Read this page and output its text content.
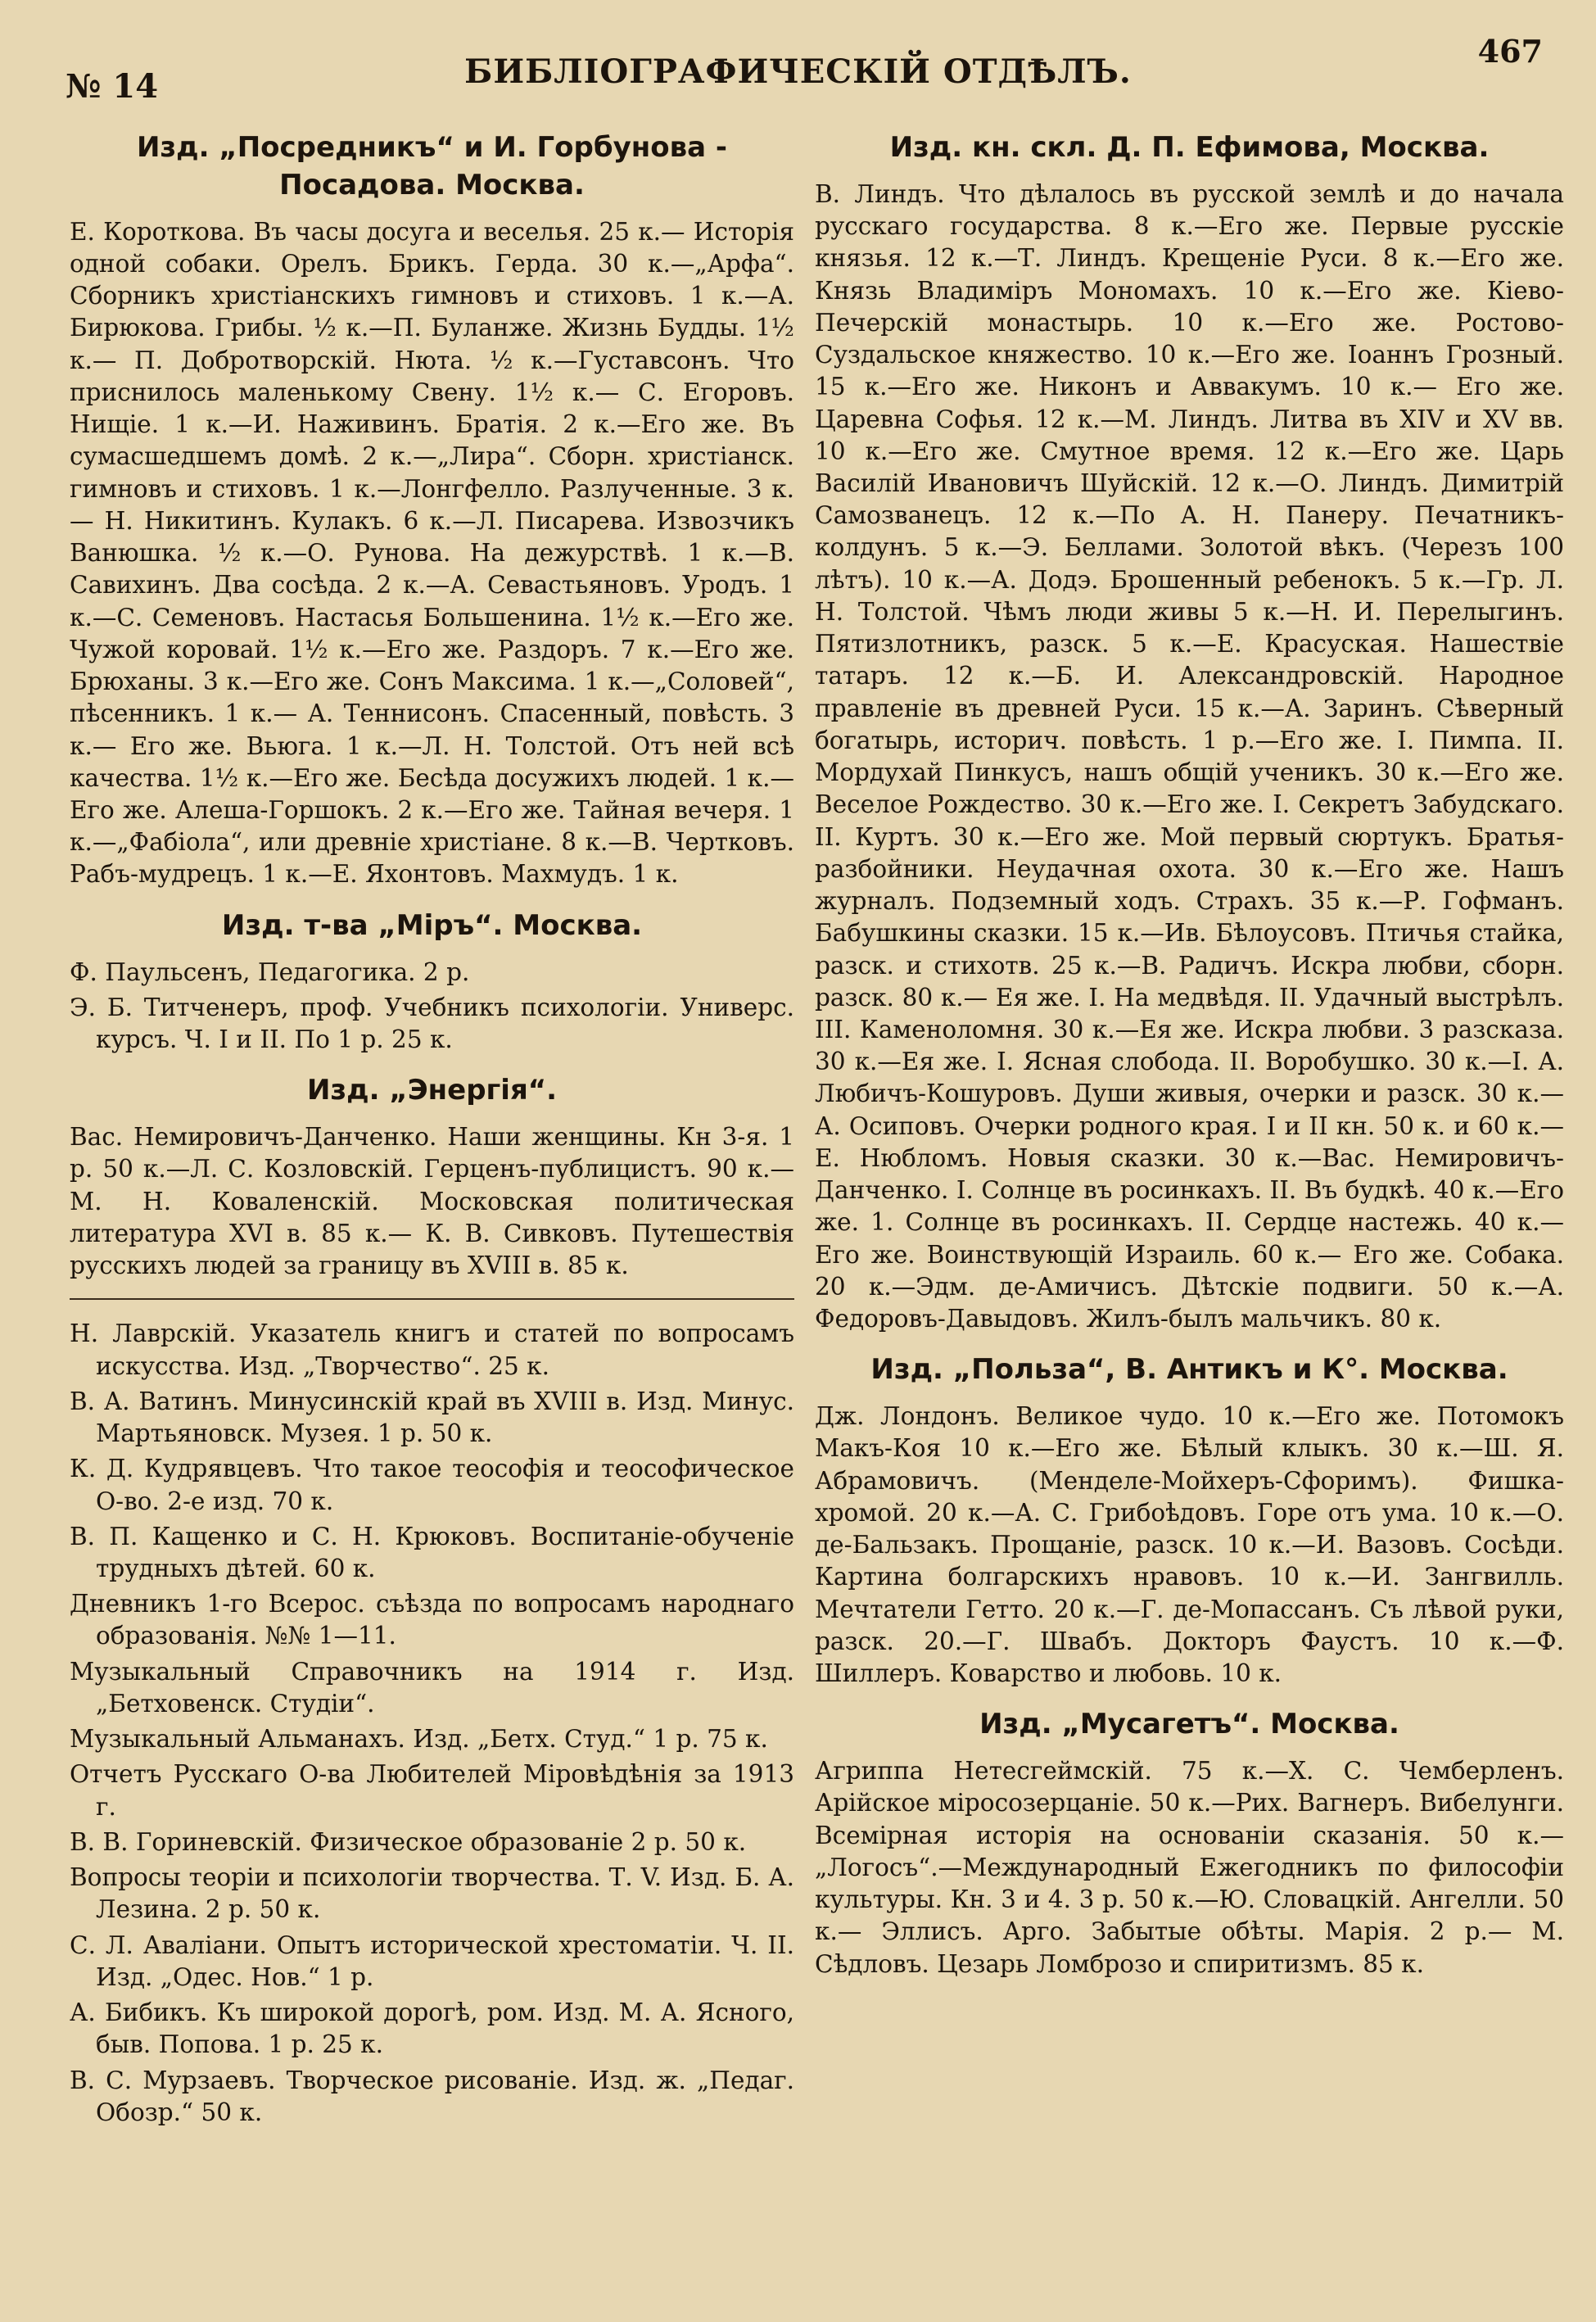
№ 14	БИБЛІОГРАФИЧЕСКІЙ ОТДѢЛЪ.
467
Изд. „Посредникъ“ и И. Горбунова - Посадова. Москва.
Е. Короткова. Въ часы досуга и веселья. 25 к.— Исторія одной собаки. Орелъ. Брикъ. Герда. 30 к.—„Арфа“. Сборникъ христіанскихъ гимновъ и стиховъ. 1 к.—А. Бирюкова. Грибы. ½ к.—П. Буланже. Жизнь Будды. 1½ к.— П. Добротворскій. Нюта. ½ к.—Густавсонъ. Что приснилось маленькому Свену. 1½ к.— С. Егоровъ. Нищіе. 1 к.—И. Наживинъ. Братія. 2 к.—Его же. Въ сумасшедшемъ домѣ. 2 к.—„Лира“. Сборн. христіанск. гимновъ и стиховъ. 1 к.—Лонгфелло. Разлученные. 3 к.— Н. Никитинъ. Кулакъ. 6 к.—Л. Писарева. Извозчикъ Ванюшка. ½ к.—О. Рунова. На дежурствѣ. 1 к.—В. Савихинъ. Два сосѣда. 2 к.—А. Севастьяновъ. Уродъ. 1 к.—С. Семеновъ. Настасья Большенина. 1½ к.—Его же. Чужой коровай. 1½ к.—Его же. Раздоръ. 7 к.—Его же. Брюханы. 3 к.—Его же. Сонъ Максима. 1 к.—„Соловей“, пѣсенникъ. 1 к.— А. Теннисонъ. Спасенный, повѣсть. 3 к.— Его же. Вьюга. 1 к.—Л. Н. Толстой. Отъ ней всѣ качества. 1½ к.—Его же. Бесѣда досужихъ людей. 1 к.—Его же. Алеша-Горшокъ. 2 к.—Его же. Тайная вечеря. 1 к.—„Фабіола“, или древніе христіане. 8 к.—В. Чертковъ. Рабъ-мудрецъ. 1 к.—Е. Яхонтовъ. Махмудъ. 1 к.
Изд. т-ва „Міръ“. Москва.
Ф. Паульсенъ, Педагогика. 2 р.
Э. Б. Титченеръ, проф. Учебникъ психологіи. Универс. курсъ. Ч. I и II. По 1 р. 25 к.
Изд. „Энергія“.
Вас. Немировичъ-Данченко. Наши женщины. Кн 3-я. 1 р. 50 к.—Л. С. Козловскій. Герценъ-публицистъ. 90 к.—М. Н. Коваленскій. Московская политическая литература XVI в. 85 к.— К. В. Сивковъ. Путешествія русскихъ людей за границу въ XVIII в. 85 к.
Н. Лаврскій. Указатель книгъ и статей по вопросамъ искусства. Изд. „Творчество“. 25 к.
В. А. Ватинъ. Минусинскій край въ XVIII в. Изд. Минус. Мартьяновск. Музея. 1 р. 50 к.
К. Д. Кудрявцевъ. Что такое теософія и теософическое О-во. 2-е изд. 70 к.
В. П. Кащенко и С. Н. Крюковъ. Воспитаніе-обученіе трудныхъ дѣтей. 60 к.
Дневникъ 1-го Всерос. съѣзда по вопросамъ народнаго образованія. №№ 1—11.
Музыкальный Справочникъ на 1914 г. Изд. „Бетховенск. Студіи“.
Музыкальный Альманахъ. Изд. „Бетх. Студ.“ 1 р. 75 к.
Отчетъ Русскаго О-ва Любителей Міровѣдѣнія за 1913 г.
В. В. Гориневскій. Физическое образованіе 2 р. 50 к.
Вопросы теоріи и психологіи творчества. Т. V. Изд. Б. А. Лезина. 2 р. 50 к.
С. Л. Аваліани. Опытъ исторической хрестоматіи. Ч. II. Изд. „Одес. Нов.“ 1 р.
А. Бибикъ. Къ широкой дорогѣ, ром. Изд. М. А. Ясного, быв. Попова. 1 р. 25 к.
В. С. Мурзаевъ. Творческое рисованіе. Изд. ж. „Педаг. Обозр.“ 50 к.
Изд. кн. скл. Д. П. Ефимова, Москва.
В. Линдъ. Что дѣлалось въ русской землѣ и до начала русскаго государства. 8 к.—Его же. Первые русскіе князья. 12 к.—Т. Линдъ. Крещеніе Руси. 8 к.—Его же. Князь Владиміръ Мономахъ. 10 к.—Его же. Кіево-Печерскій монастырь. 10 к.—Его же. Ростово-Суздальское княжество. 10 к.—Его же. Іоаннъ Грозный. 15 к.—Его же. Никонъ и Аввакумъ. 10 к.— Его же. Царевна Софья. 12 к.—М. Линдъ. Литва въ XIV и XV вв. 10 к.—Его же. Смутное время. 12 к.—Его же. Царь Василій Ивановичъ Шуйскій. 12 к.—О. Линдъ. Димитрій Самозванецъ. 12 к.—По А. Н. Панеру. Печатникъ-колдунъ. 5 к.—Э. Беллами. Золотой вѣкъ. (Черезъ 100 лѣтъ). 10 к.—А. Додэ. Брошенный ребенокъ. 5 к.—Гр. Л. Н. Толстой. Чѣмъ люди живы 5 к.—Н. И. Перелыгинъ. Пятизлотникъ, разск. 5 к.—Е. Красуская. Нашествіе татаръ. 12 к.—Б. И. Александровскій. Народное правленіе въ древней Руси. 15 к.—А. Заринъ. Сѣверный богатырь, историч. повѣсть. 1 р.—Его же. I. Пимпа. II. Мордухай Пинкусъ, нашъ общій ученикъ. 30 к.—Его же. Веселое Рождество. 30 к.—Его же. I. Секретъ Забудскаго. II. Куртъ. 30 к.—Его же. Мой первый сюртукъ. Братья-разбойники. Неудачная охота. 30 к.—Его же. Нашъ журналъ. Подземный ходъ. Страхъ. 35 к.—Р. Гофманъ. Бабушкины сказки. 15 к.—Ив. Бѣлоусовъ. Птичья стайка, разск. и стихотв. 25 к.—В. Радичъ. Искра любви, сборн. разск. 80 к.— Ея же. I. На медвѣдя. II. Удачный выстрѣлъ. III. Каменоломня. 30 к.—Ея же. Искра любви. 3 разсказа. 30 к.—Ея же. I. Ясная слобода. II. Воробушко. 30 к.—I. А. Любичъ-Кошуровъ. Души живыя, очерки и разск. 30 к.— А. Осиповъ. Очерки родного края. I и II кн. 50 к. и 60 к.—Е. Нюбломъ. Новыя сказки. 30 к.—Вас. Немировичъ-Данченко. I. Солнце въ росинкахъ. II. Въ будкѣ. 40 к.—Его же. 1. Солнце въ росинкахъ. II. Сердце настежь. 40 к.—Его же. Воинствующій Израиль. 60 к.— Его же. Собака. 20 к.—Эдм. де-Амичисъ. Дѣтскіе подвиги. 50 к.—А. Федоровъ-Давыдовъ. Жилъ-былъ мальчикъ. 80 к.
Изд. „Польза“, В. Антикъ и К°. Москва.
Дж. Лондонъ. Великое чудо. 10 к.—Его же. Потомокъ Макъ-Коя 10 к.—Его же. Бѣлый клыкъ. 30 к.—Ш. Я. Абрамовичъ. (Менделе-Мойхеръ-Сфоримъ). Фишка-хромой. 20 к.—А. С. Грибоѣдовъ. Горе отъ ума. 10 к.—О. де-Бальзакъ. Прощаніе, разск. 10 к.—И. Вазовъ. Сосѣди. Картина болгарскихъ нравовъ. 10 к.—И. Зангвилль. Мечтатели Гетто. 20 к.—Г. де-Мопассанъ. Съ лѣвой руки, разск. 20.—Г. Швабъ. Докторъ Фаустъ. 10 к.—Ф. Шиллеръ. Коварство и любовь. 10 к.
Изд. „Мусагетъ“. Москва.
Агриппа Нетесгеймскій. 75 к.—Х. С. Чемберленъ. Арійское міросозерцаніе. 50 к.—Рих. Вагнеръ. Вибелунги. Всемірная исторія на основаніи сказанія. 50 к.—„Логосъ“.—Международный Ежегодникъ по философіи культуры. Кн. 3 и 4. 3 р. 50 к.—Ю. Словацкій. Ангелли. 50 к.— Эллисъ. Арго. Забытые обѣты. Марія. 2 р.— М. Сѣдловъ. Цезарь Ломброзо и спиритизмъ. 85 к.
